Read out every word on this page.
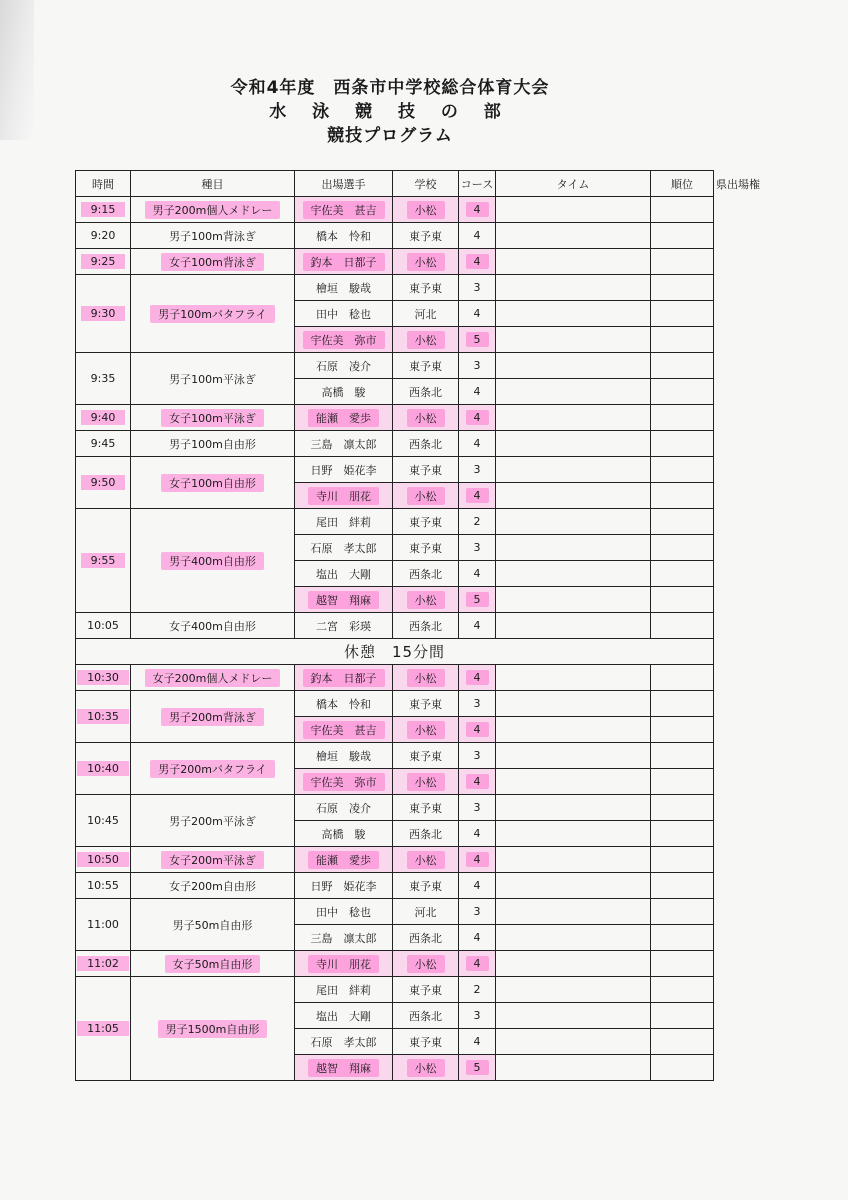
令和4年度　西条市中学校総合体育大会
水 泳 競 技 の 部
競技プログラム
県出場権
時間	種目	出場選手	学校	コース	タイム	順位
9:15	男子200m個人メドレー	宇佐美　甚吉	小松	4		
9:20	男子100m背泳ぎ	橋本　怜和	東予東	4		
9:25	女子100m背泳ぎ	釣本　日都子	小松	4		
9:30	男子100mバタフライ	檜垣　駿哉	東予東	3		
		田中　稔也	河北	4		
		宇佐美　弥市	小松	5		
9:35	男子100m平泳ぎ	石原　凌介	東予東	3		
		高橋　駿	西条北	4		
9:40	女子100m平泳ぎ	能瀬　愛歩	小松	4		
9:45	男子100m自由形	三島　凛太郎	西条北	4		
9:50	女子100m自由形	日野　姫花李	東予東	3		
		寺川　朋花	小松	4		
9:55	男子400m自由形	尾田　絆莉	東予東	2		
		石原　孝太郎	東予東	3		
		塩出　大剛	西条北	4		
		越智　翔麻	小松	5		
10:05	女子400m自由形	二宮　彩瑛	西条北	4		
休憩　15分間						
10:30	女子200m個人メドレー	釣本　日都子	小松	4		
10:35	男子200m背泳ぎ	橋本　怜和	東予東	3		
		宇佐美　甚吉	小松	4		
10:40	男子200mバタフライ	檜垣　駿哉	東予東	3		
		宇佐美　弥市	小松	4		
10:45	男子200m平泳ぎ	石原　凌介	東予東	3		
		高橋　駿	西条北	4		
10:50	女子200m平泳ぎ	能瀬　愛歩	小松	4		
10:55	女子200m自由形	日野　姫花李	東予東	4		
11:00	男子50m自由形	田中　稔也	河北	3		
		三島　凛太郎	西条北	4		
11:02	女子50m自由形	寺川　朋花	小松	4		
11:05	男子1500m自由形	尾田　絆莉	東予東	2		
		塩出　大剛	西条北	3		
		石原　孝太郎	東予東	4		
		越智　翔麻	小松	5		
